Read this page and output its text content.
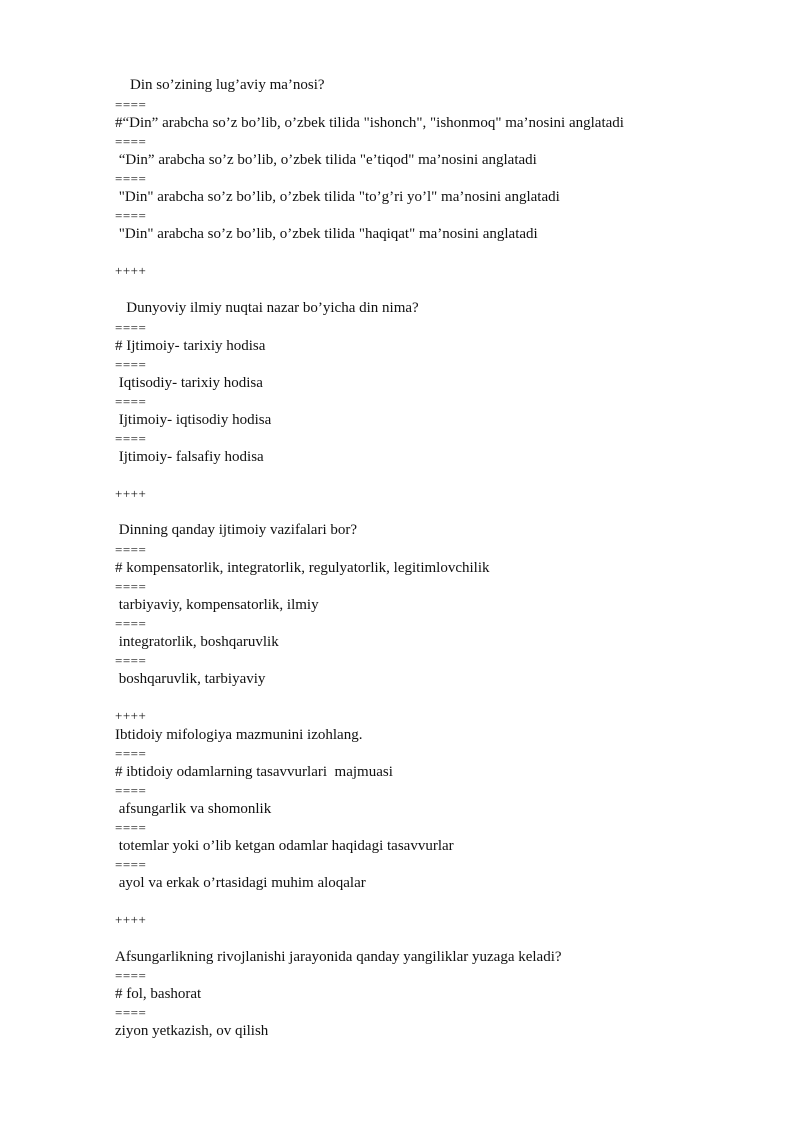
Din so’zining lug’aviy ma’nosi?
====
#“Din” arabcha so’z bo’lib, o’zbek tilida "ishonch", "ishonmoq" ma’nosini anglatadi
====
“Din” arabcha so’z bo’lib, o’zbek tilida "e’tiqod" ma’nosini anglatadi
====
"Din" arabcha so’z bo’lib, o’zbek tilida "to’g’ri yo’l" ma’nosini anglatadi
====
"Din" arabcha so’z bo’lib, o’zbek tilida "haqiqat" ma’nosini anglatadi
++++
Dunyoviy ilmiy nuqtai nazar bo’yicha din nima?
====
# Ijtimoiy- tarixiy hodisa
====
Iqtisodiy- tarixiy hodisa
====
Ijtimoiy- iqtisodiy hodisa
====
Ijtimoiy- falsafiy hodisa
++++
Dinning qanday ijtimoiy vazifalari bor?
====
# kompensatorlik, integratorlik, regulyatorlik, legitimlovchilik
====
tarbiyaviy, kompensatorlik, ilmiy
====
integratorlik, boshqaruvlik
====
boshqaruvlik, tarbiyaviy
++++
Ibtidoiy mifologiya mazmunini izohlang.
====
# ibtidoiy odamlarning tasavvurlari  majmuasi
====
afsungarlik va shomonlik
====
totemlar yoki o’lib ketgan odamlar haqidagi tasavvurlar
====
ayol va erkak o’rtasidagi muhim aloqalar
++++
Afsungarlikning rivojlanishi jarayonida qanday yangiliklar yuzaga keladi?
====
# fol, bashorat
====
ziyon yetkazish, ov qilish
